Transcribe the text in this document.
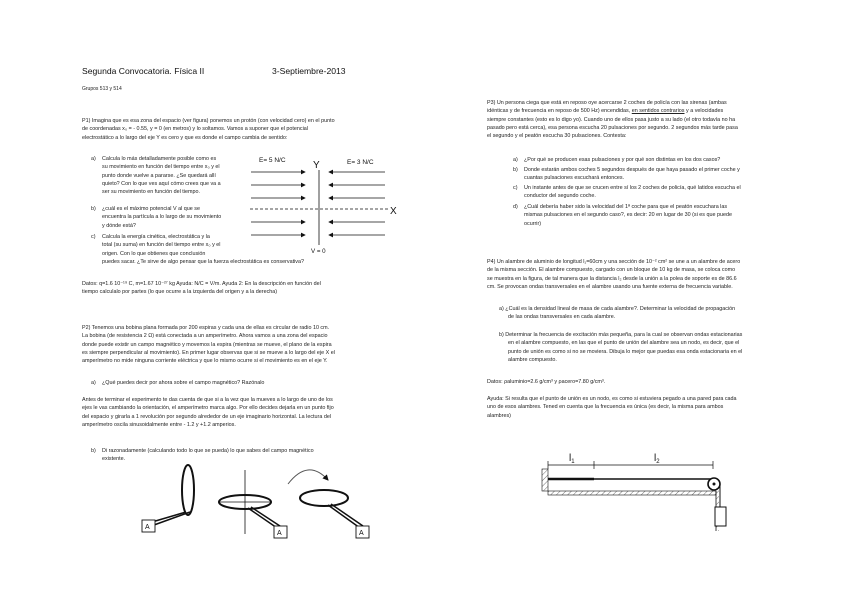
Segunda Convocatoria. Física II	3-Septiembre-2013
Grupos 513 y 514
P1) Imagina que es esa zona del espacio (ver figura) ponemos un protón (con velocidad cero) en el punto
de coordenadas x₀ = - 0.55, y = 0 (en metros) y lo soltamos. Vamos a suponer que el potencial
electrostático a lo largo del eje Y es cero y que es donde el campo cambia de sentido:
a) Calcula lo más detalladamente posible como es
su movimiento en función del tiempo entre x₀ y el
punto donde vuelve a pararse. ¿Se quedará allí
quieto? Con lo que ves aquí cómo crees que va a
ser su movimiento en función del tiempo.
b) ¿cuál es el máximo potencial V al que se
encuentra la partícula a lo largo de su movimiento
y dónde está?
c) Calcula la energía cinética, electrostática y la
total (su suma) en función del tiempo entre x₀ y el
origen. Con lo que obtienes que conclusión
puedes sacar. ¿Te sirve de algo pensar que la fuerza electrostática es conservativa?
E= 5 N/C	E= 3 N/C
Y
X
V = 0
Datos: q=1.6 10⁻¹⁹ C, m=1.67 10⁻²⁷ kg Ayuda: N/C = V/m. Ayuda 2: En la descripción en función del
tiempo calculalo por partes (lo que ocurre a la izquierda del origen y a la derecha)
P2) Tenemos una bobina plana formada por 200 espiras y cada una de ellas es circular de radio 10 cm.
La bobina (de resistencia 2 Ω) está conectada a un amperímetro. Ahora vamos a una zona del espacio
donde puede existir un campo magnético y movemos la espira (mientras se mueve, el plano de la espira
es siempre perpendicular al movimiento). En primer lugar observas que si se mueve a lo largo del eje X el
amperímetro no mide ninguna corriente eléctrica y que lo mismo ocurre si el movimiento es en el eje Y.
a) ¿Qué puedes decir por ahora sobre el campo magnético? Razónalo
Antes de terminar el experimento te das cuenta de que si a la vez que la mueves a lo largo de uno de los
ejes le vas cambiando la orientación, el amperímetro marca algo. Por ello decides dejarla en un punto fijo
del espacio y girarla a 1 revolución por segundo alrededor de un eje imaginario horizontal. La lectura del
amperímetro oscila sinusoidalmente entre - 1.2 y +1.2 amperios.
b) Di razonadamente (calculando todo lo que se pueda) lo que sabes del campo magnético
existente.
A
A	A
P3) Un persona ciega que está en reposo oye acercarse 2 coches de policía con las sirenas (ambas
idénticas y de frecuencia en reposo de 500 Hz) encendidas, en sentidos contrarios y a velocidades
siempre constantes (esto es lo digo yo). Cuando uno de ellos pasa justo a su lado (el otro todavía no ha
pasado pero está cerca), esa persona escucha 20 pulsaciones por segundo. 2 segundos más tarde pasa
el segundo y el peatón escucha 30 pulsaciones. Contesta:
a) ¿Por qué se producen esas pulsaciones y por qué son distintas en los dos casos?
b) Donde estarán ambos coches 5 segundos después de que haya pasado el primer coche y
cuantas pulsaciones escuchará entonces.
c) Un instante antes de que se crucen entre sí los 2 coches de policía, qué latidos escucha el
conductor del segundo coche.
d) ¿Cuál debería haber sido la velocidad del 1ª coche para que el peatón escuchara las
mismas pulsaciones en el segundo caso?, es decir: 20 en lugar de 30 (si es que puede
ocurrir)
P4) Un alambre de aluminio de longitud l₁=60cm y una sección de 10⁻² cm² se une a un alambre de acero
de la misma sección. El alambre compuesto, cargado con un bloque de 10 kg de masa, se coloca como
se muestra en la figura, de tal manera que la distancia l₂ desde la unión a la polea de soporte es de 86.6
cm. Se provocan ondas transversales en el alambre usando una fuente externa de frecuencia variable.
a) ¿Cuál es la densidad lineal de masa de cada alambre?. Determinar la velocidad de propagación
de las ondas transversales en cada alambre.
b) Determinar la frecuencia de excitación más pequeña, para la cual se observan ondas estacionarias
en el alambre compuesto, en las que el punto de unión del alambre sea un nodo, es decir, que el
punto de unión es como si no se moviera. Dibuja lo mejor que puedas esa onda estacionaria en el
alambre compuesto.
Datos: ρaluminio=2.6 g/cm³ y ρacero=7.80 g/cm³.
Ayuda: Si resulta que el punto de unión es un nodo, es como si estuviera pegado a una pared para cada
uno de esos alambres. Tened en cuenta que la frecuencia es única (es decir, la misma para ambos
alambres)
$l_1$	$l_2$
